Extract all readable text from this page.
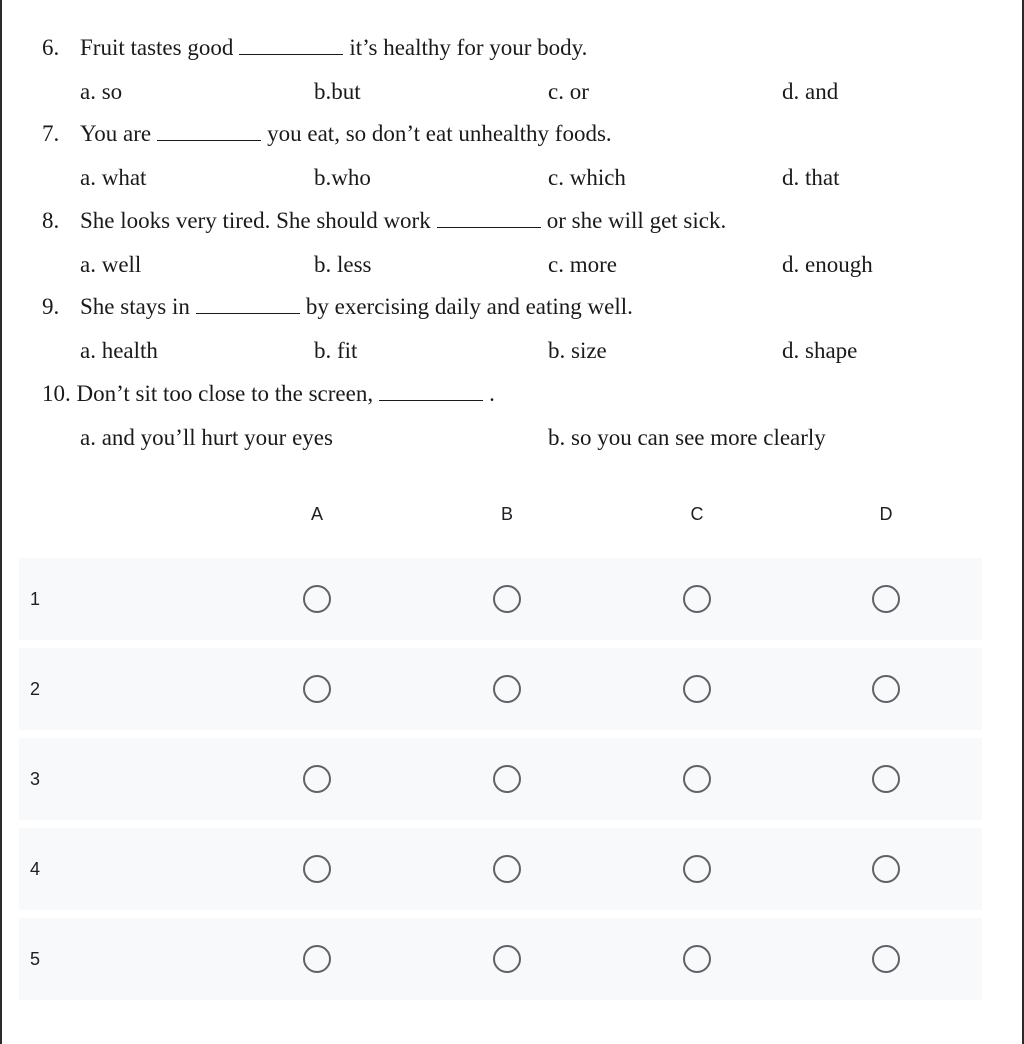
6. Fruit tastes good	it’s healthy for your body.
a. so	b.but	c. or	d. and
7. You are	you eat, so don’t eat unhealthy foods.
a. what	b.who	c. which	d. that
8. She looks very tired. She should work	or she will get sick.
a. well	b. less	c. more	d. enough
9. She stays in	by exercising daily and eating well.
a. health	b. fit	b. size	d. shape
10. Don’t sit too close to the screen,	.
a. and you’ll hurt your eyes	b. so you can see more clearly
A	B	C	D
1
2
3
4
5
